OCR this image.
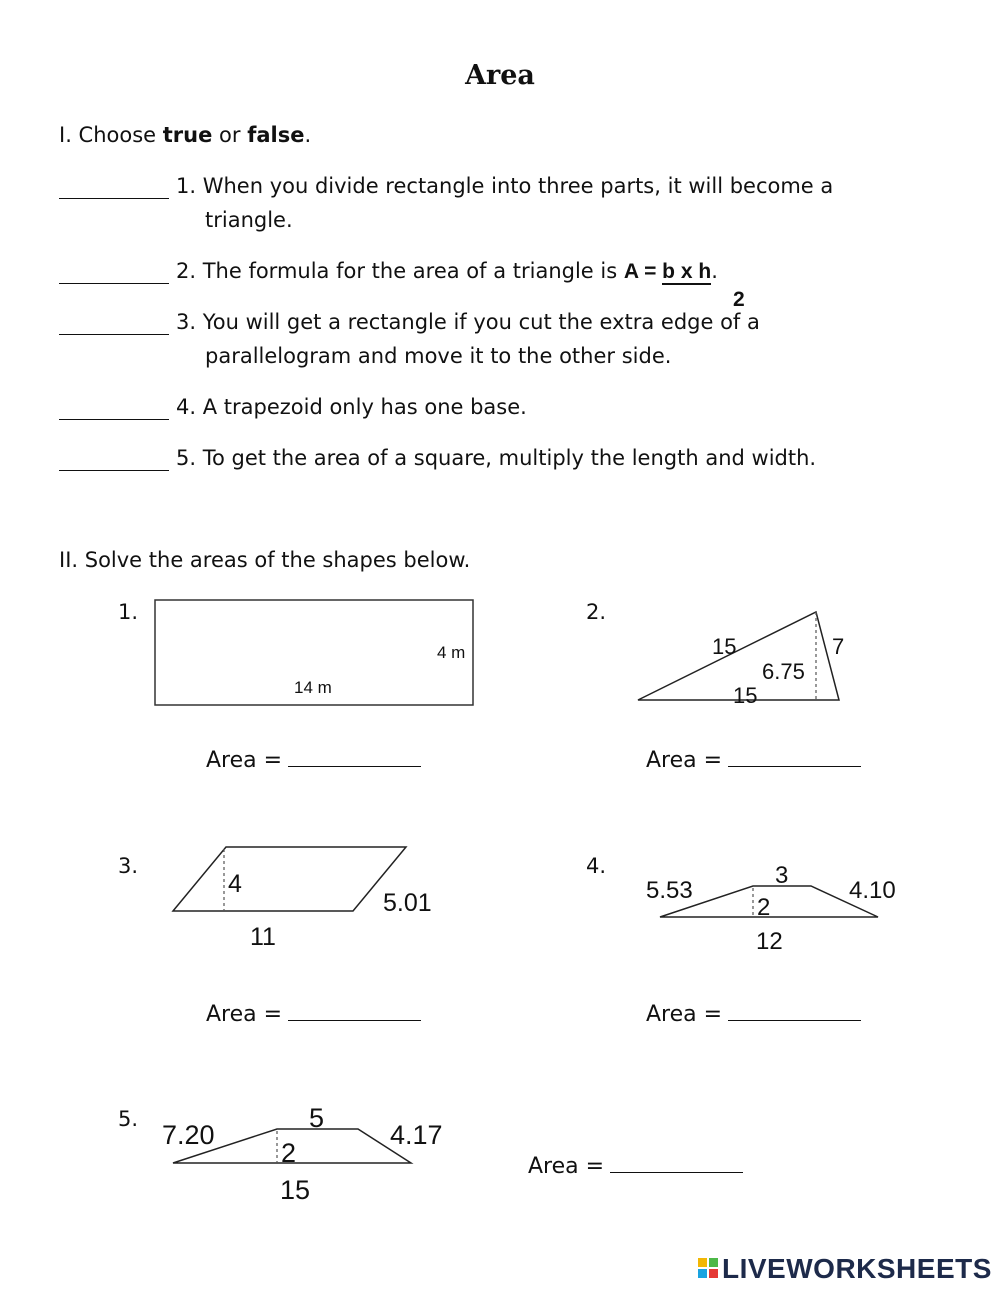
Area
I. Choose true or false.
1. When you divide rectangle into three parts, it will become a
triangle.
2. The formula for the area of a triangle is A = b x h.
2
3. You will get a rectangle if you cut the extra edge of a
parallelogram and move it to the other side.
4. A trapezoid only has one base.
5. To get the area of a square, multiply the length and width.
II. Solve the areas of the shapes below.
1.
4 m
14 m
Area =
2.
15	7
6.75
15
Area =
3.
4
5.01
11
Area =
4.
5.53
3
4.10
2
12
Area =
5.
7.20
5
4.17
2
15
Area =
LIVEWORKSHEETS
